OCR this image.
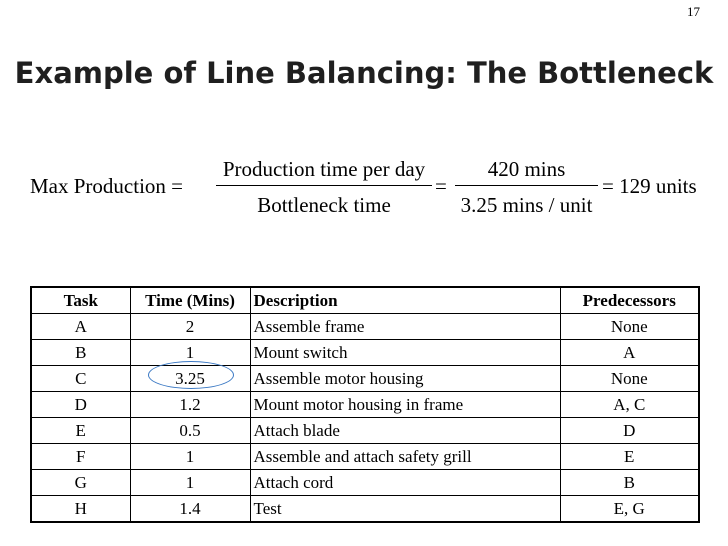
17
Example of Line Balancing: The Bottleneck
Max Production =
Production time per day
Bottleneck time
=
420 mins
3.25 mins / unit
= 129 units
Task	Time (Mins)	Description	Predecessors
A	2	Assemble frame	None
B	1	Mount switch	A
C	3.25	Assemble motor housing	None
D	1.2	Mount motor housing in frame	A, C
E	0.5	Attach blade	D
F	1	Assemble and attach safety grill	E
G	1	Attach cord	B
H	1.4	Test	E, G
